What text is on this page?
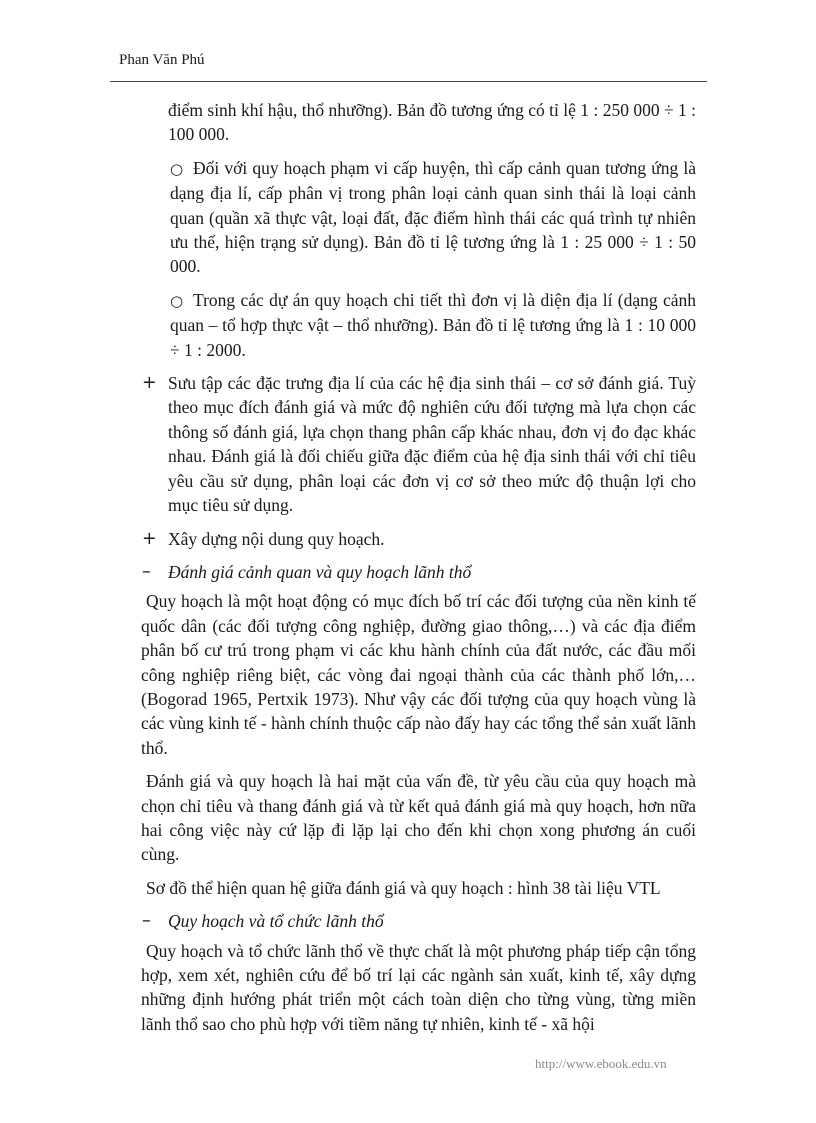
Phan Văn Phú

điểm sinh khí hậu, thổ nhưỡng). Bản đồ tương ứng có tỉ lệ 1 : 250 000 ÷ 1 : 100 000.

○ Đối với quy hoạch phạm vi cấp huyện, thì cấp cảnh quan tương ứng là dạng địa lí, cấp phân vị trong phân loại cảnh quan sinh thái là loại cảnh quan (quần xã thực vật, loại đất, đặc điểm hình thái các quá trình tự nhiên ưu thế, hiện trạng sử dụng). Bản đồ tỉ lệ tương ứng là 1 : 25 000 ÷ 1 : 50 000.

○ Trong các dự án quy hoạch chi tiết thì đơn vị là diện địa lí (dạng cảnh quan – tổ hợp thực vật – thổ nhưỡng). Bản đồ tỉ lệ tương ứng là 1 : 10 000 ÷ 1 : 2000.

+ Sưu tập các đặc trưng địa lí của các hệ địa sinh thái – cơ sở đánh giá. Tuỳ theo mục đích đánh giá và mức độ nghiên cứu đối tượng mà lựa chọn các thông số đánh giá, lựa chọn thang phân cấp khác nhau, đơn vị đo đạc khác nhau. Đánh giá là đối chiếu giữa đặc điểm của hệ địa sinh thái với chỉ tiêu yêu cầu sử dụng, phân loại các đơn vị cơ sở theo mức độ thuận lợi cho mục tiêu sử dụng.

+ Xây dựng nội dung quy hoạch.

– Đánh giá cảnh quan và quy hoạch lãnh thổ

Quy hoạch là một hoạt động có mục đích bố trí các đối tượng của nền kinh tế quốc dân (các đối tượng công nghiệp, đường giao thông,…) và các địa điểm phân bố cư trú trong phạm vi các khu hành chính của đất nước, các đầu mối công nghiệp riêng biệt, các vòng đai ngoại thành của các thành phố lớn,… (Bogorad 1965, Pertxik 1973). Như vậy các đối tượng của quy hoạch vùng là các vùng kinh tế - hành chính thuộc cấp nào đấy hay các tổng thể sản xuất lãnh thổ.

Đánh giá và quy hoạch là hai mặt của vấn đề, từ yêu cầu của quy hoạch mà chọn chỉ tiêu và thang đánh giá và từ kết quả đánh giá mà quy hoạch, hơn nữa hai công việc này cứ lặp đi lặp lại cho đến khi chọn xong phương án cuối cùng.

Sơ đồ thể hiện quan hệ giữa đánh giá và quy hoạch : hình 38 tài liệu VTL

– Quy hoạch và tổ chức lãnh thổ

Quy hoạch và tổ chức lãnh thổ về thực chất là một phương pháp tiếp cận tổng hợp, xem xét, nghiên cứu để bố trí lại các ngành sản xuất, kinh tế, xây dựng những định hướng phát triển một cách toàn diện cho từng vùng, từng miền lãnh thổ sao cho phù hợp với tiềm năng tự nhiên, kinh tế - xã hội

http://www.ebook.edu.vn
